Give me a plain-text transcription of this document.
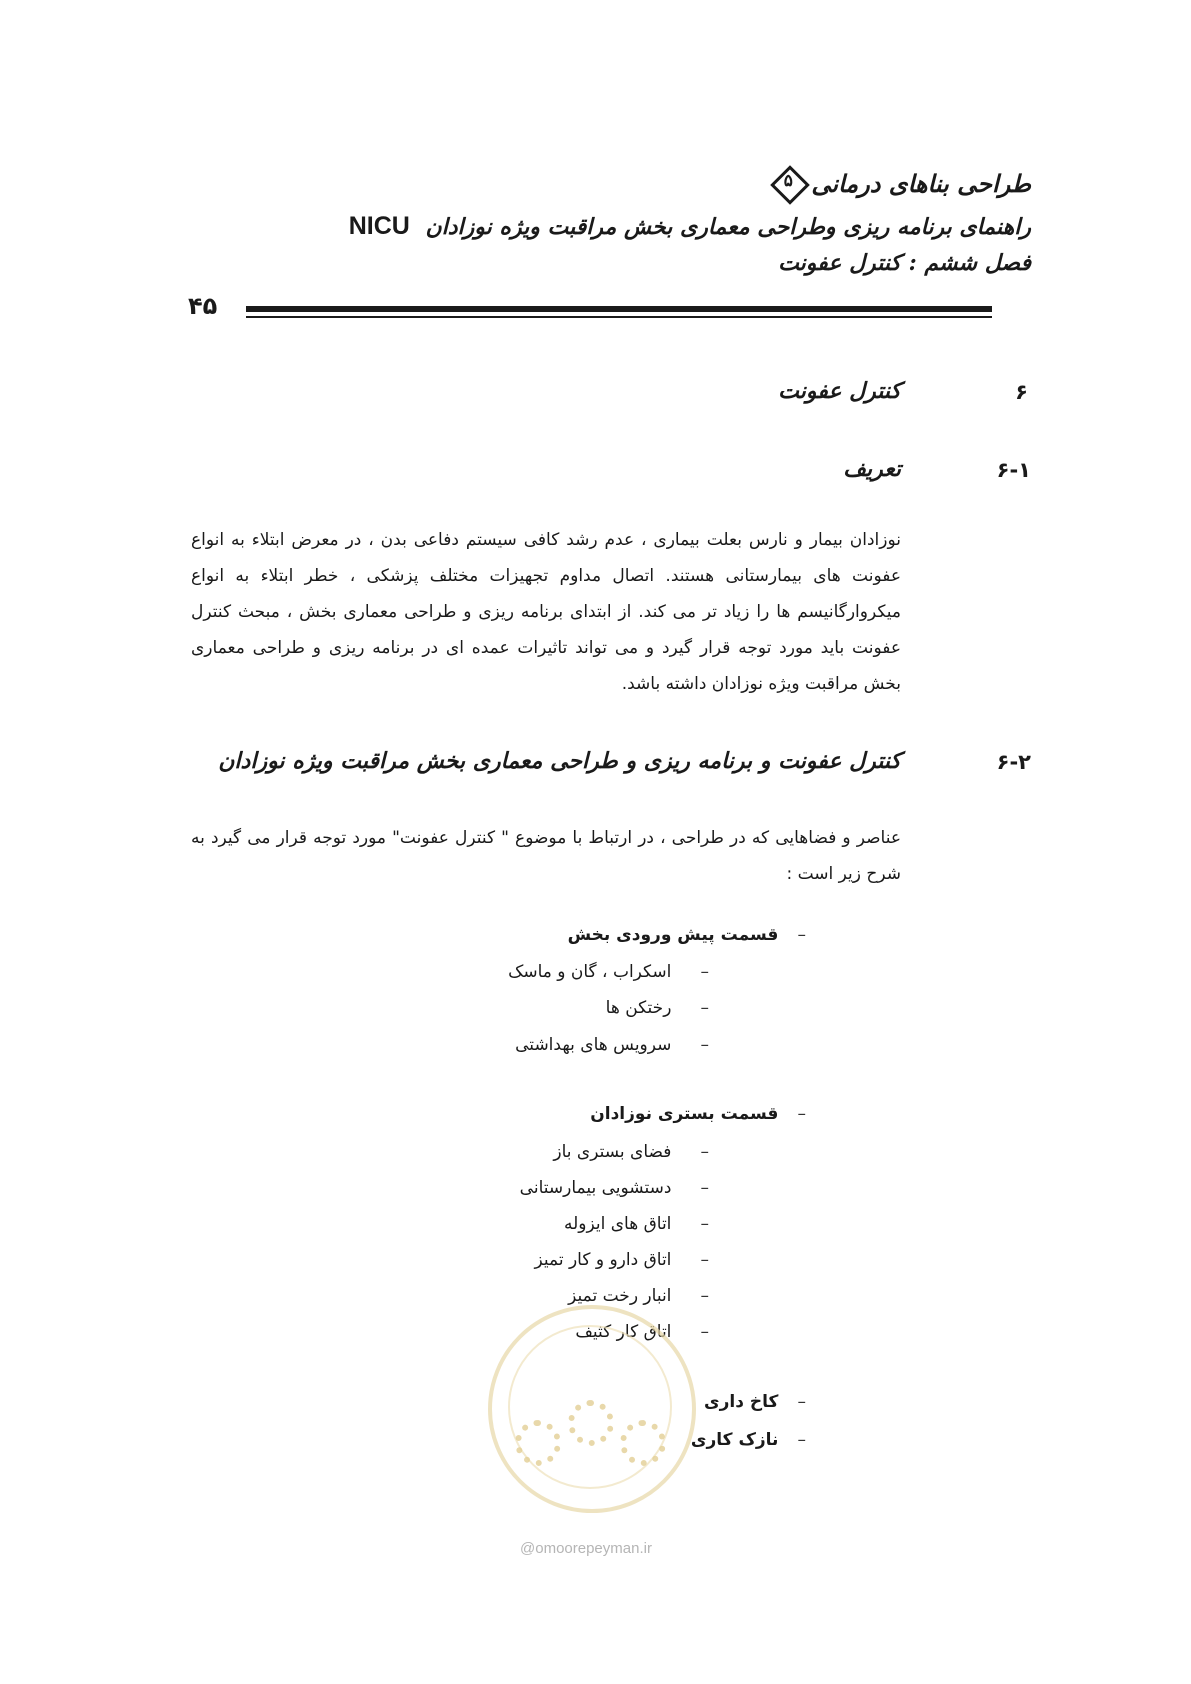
طراحی بناهای درمانی
۵
راهنمای برنامه ریزی وطراحی معماری بخش مراقبت ویژه نوزادان NICU
فصل ششم : کنترل عفونت
۴۵
۶
کنترل عفونت
۶-۱
تعریف
نوزادان بیمار و نارس بعلت بیماری ، عدم رشد کافی سیستم دفاعی بدن ، در معرض ابتلاء به انواع عفونت های بیمارستانی هستند. اتصال مداوم تجهیزات مختلف پزشکی ، خطر ابتلاء به انواع میکروارگانیسم ها را زیاد تر می کند. از ابتدای برنامه ریزی و طراحی معماری بخش ، مبحث کنترل عفونت باید مورد توجه قرار گیرد و می تواند تاثیرات عمده ای در برنامه ریزی و طراحی معماری بخش مراقبت ویژه نوزادان داشته باشد.
۶-۲
کنترل عفونت و برنامه ریزی و طراحی معماری بخش مراقبت ویژه نوزادان
عناصر و فضاهایی که در طراحی ، در ارتباط با موضوع " کنترل عفونت" مورد توجه قرار می گیرد به شرح زیر است :
– قسمت پیش ورودی بخش
– اسکراب ، گان و ماسک
– رختکن ها
– سرویس های بهداشتی
– قسمت بستری نوزادان
– فضای بستری باز
– دستشویی بیمارستانی
– اتاق های ایزوله
– اتاق دارو و کار تمیز
– انبار رخت تمیز
– اتاق کار کثیف
– کاخ داری
– نازک کاری
@omoorepeyman.ir
